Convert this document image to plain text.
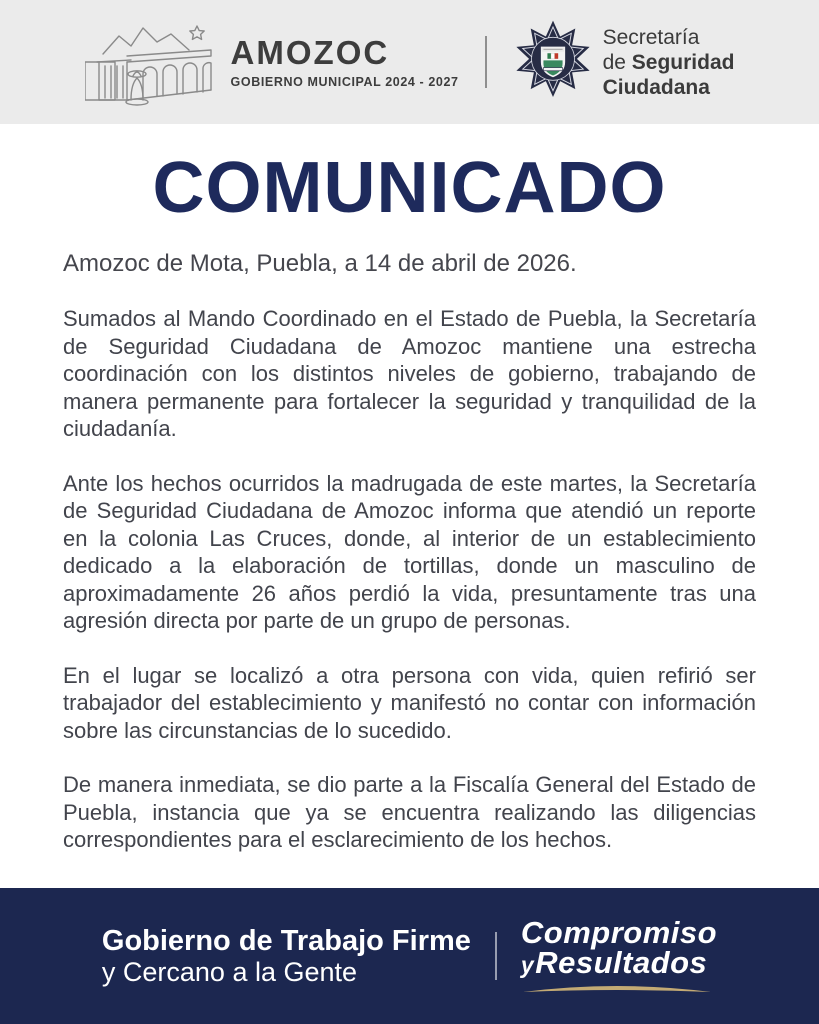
AMOZOC
GOBIERNO MUNICIPAL 2024 - 2027
Secretaría
de Seguridad
Ciudadana
COMUNICADO

Amozoc de Mota, Puebla, a 14 de abril de 2026.

Sumados al Mando Coordinado en el Estado de Puebla, la Secretaría de Seguridad Ciudadana de Amozoc mantiene una estrecha coordinación con los distintos niveles de gobierno, trabajando de manera permanente para fortalecer la seguridad y tranquilidad de la ciudadanía.

Ante los hechos ocurridos la madrugada de este martes, la Secretaría de Seguridad Ciudadana de Amozoc informa que atendió un reporte en la colonia Las Cruces, donde, al interior de un establecimiento dedicado a la elaboración de tortillas, donde un masculino de aproximadamente 26 años perdió la vida, presuntamente tras una agresión directa por parte de un grupo de personas.

En el lugar se localizó a otra persona con vida, quien refirió ser trabajador del establecimiento y manifestó no contar con información sobre las circunstancias de lo sucedido.

De manera inmediata, se dio parte a la Fiscalía General del Estado de Puebla, instancia que ya se encuentra realizando las diligencias correspondientes para el esclarecimiento de los hechos.

Gobierno de Trabajo Firme
y Cercano a la Gente
Compromiso
yResultados
